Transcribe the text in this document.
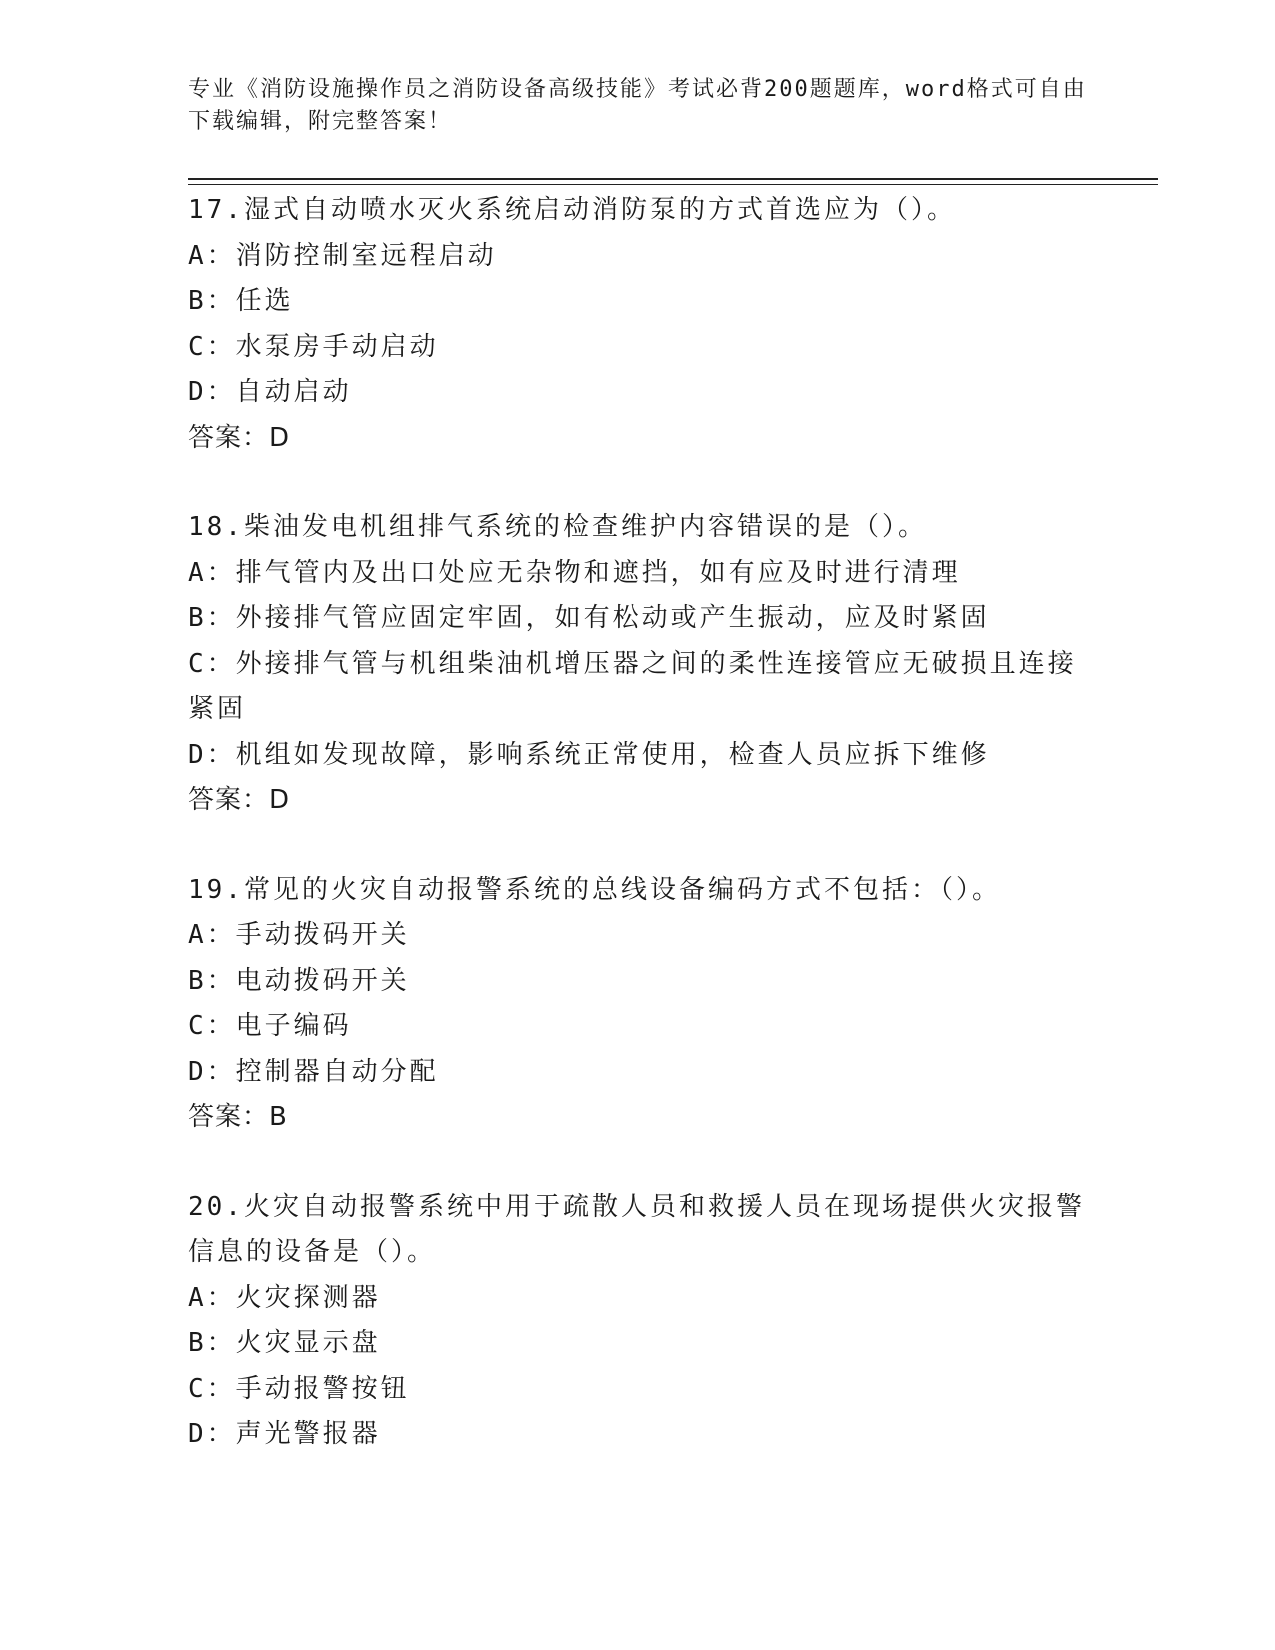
专业《消防设施操作员之消防设备高级技能》考试必背200题题库，word格式可自由下载编辑，附完整答案！
17.湿式自动喷水灭火系统启动消防泵的方式首选应为（）。
A：消防控制室远程启动
B：任选
C：水泵房手动启动
D：自动启动
答案：D
18.柴油发电机组排气系统的检查维护内容错误的是（）。
A：排气管内及出口处应无杂物和遮挡，如有应及时进行清理
B：外接排气管应固定牢固，如有松动或产生振动，应及时紧固
C：外接排气管与机组柴油机增压器之间的柔性连接管应无破损且连接紧固
D：机组如发现故障，影响系统正常使用，检查人员应拆下维修
答案：D
19.常见的火灾自动报警系统的总线设备编码方式不包括：（）。
A：手动拨码开关
B：电动拨码开关
C：电子编码
D：控制器自动分配
答案：B
20.火灾自动报警系统中用于疏散人员和救援人员在现场提供火灾报警信息的设备是（）。
A：火灾探测器
B：火灾显示盘
C：手动报警按钮
D：声光警报器
